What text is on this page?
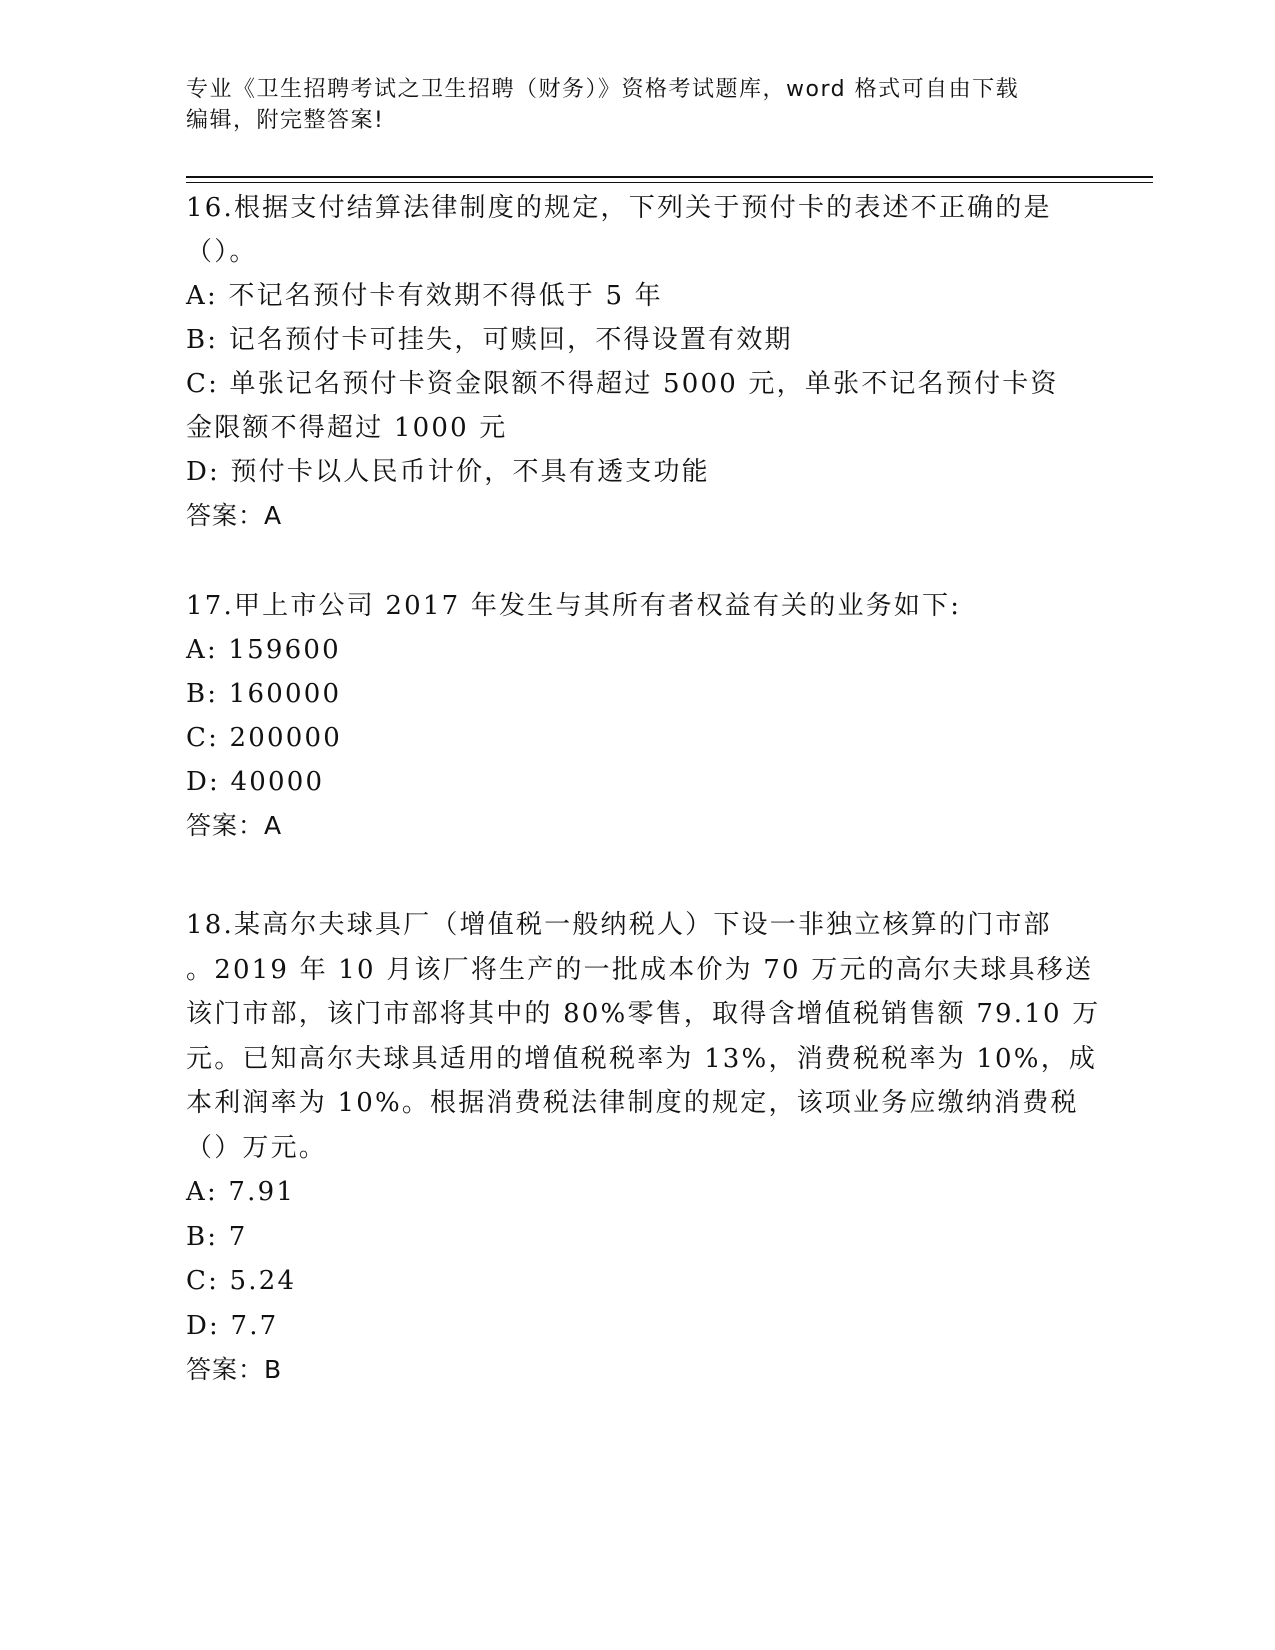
专业《卫生招聘考试之卫生招聘（财务）》资格考试题库，word 格式可自由下载
编辑，附完整答案!
16.根据支付结算法律制度的规定，下列关于预付卡的表述不正确的是
（）。
A: 不记名预付卡有效期不得低于 5 年
B: 记名预付卡可挂失，可赎回，不得设置有效期
C: 单张记名预付卡资金限额不得超过 5000 元，单张不记名预付卡资
金限额不得超过 1000 元
D: 预付卡以人民币计价，不具有透支功能
答案：A
17.甲上市公司 2017 年发生与其所有者权益有关的业务如下:
A: 159600
B: 160000
C: 200000
D: 40000
答案：A
18.某高尔夫球具厂（增值税一般纳税人）下设一非独立核算的门市部
。2019 年 10 月该厂将生产的一批成本价为 70 万元的高尔夫球具移送
该门市部，该门市部将其中的 80%零售，取得含增值税销售额 79.10 万
元。已知高尔夫球具适用的增值税税率为 13%，消费税税率为 10%，成
本利润率为 10%。根据消费税法律制度的规定，该项业务应缴纳消费税
（）万元。
A: 7.91
B: 7
C: 5.24
D: 7.7
答案：B
